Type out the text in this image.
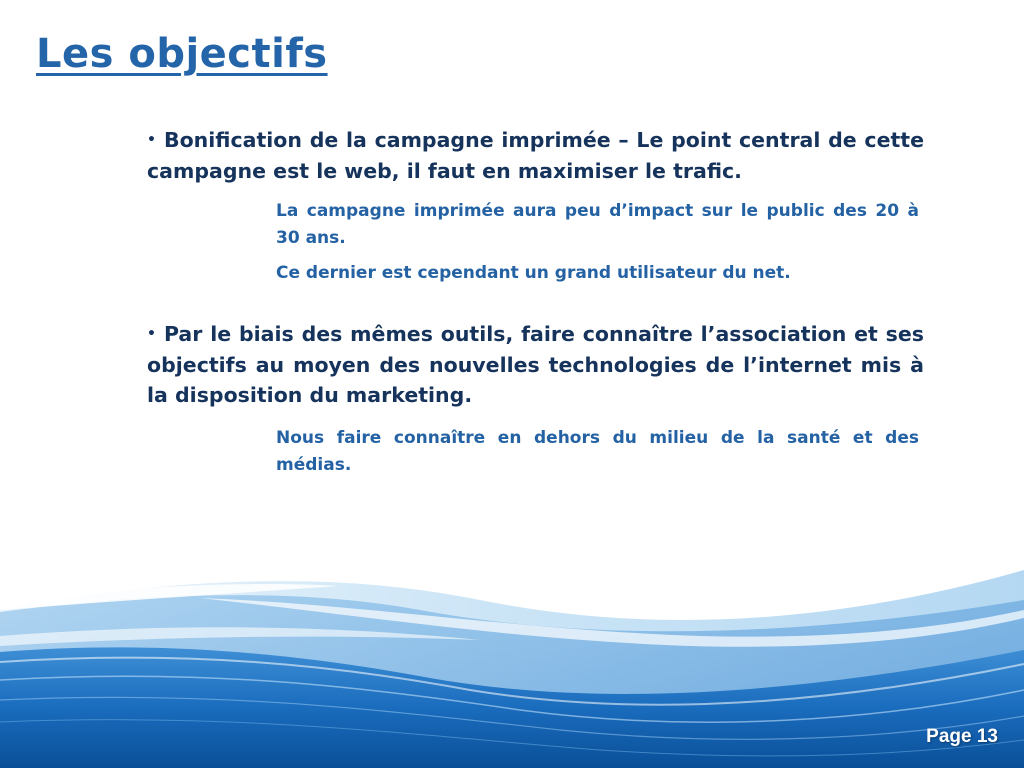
Les objectifs

• Bonification de la campagne imprimée – Le point central de cette campagne est le web, il faut en maximiser le trafic.

La campagne imprimée aura peu d’impact sur le public des 20 à 30 ans.

Ce dernier est cependant un grand utilisateur du net.

• Par le biais des mêmes outils, faire connaître l’association et ses objectifs au moyen des nouvelles technologies de l’internet mis à la disposition du marketing.

Nous faire connaître en dehors du milieu de la santé et des médias.

Page 13
